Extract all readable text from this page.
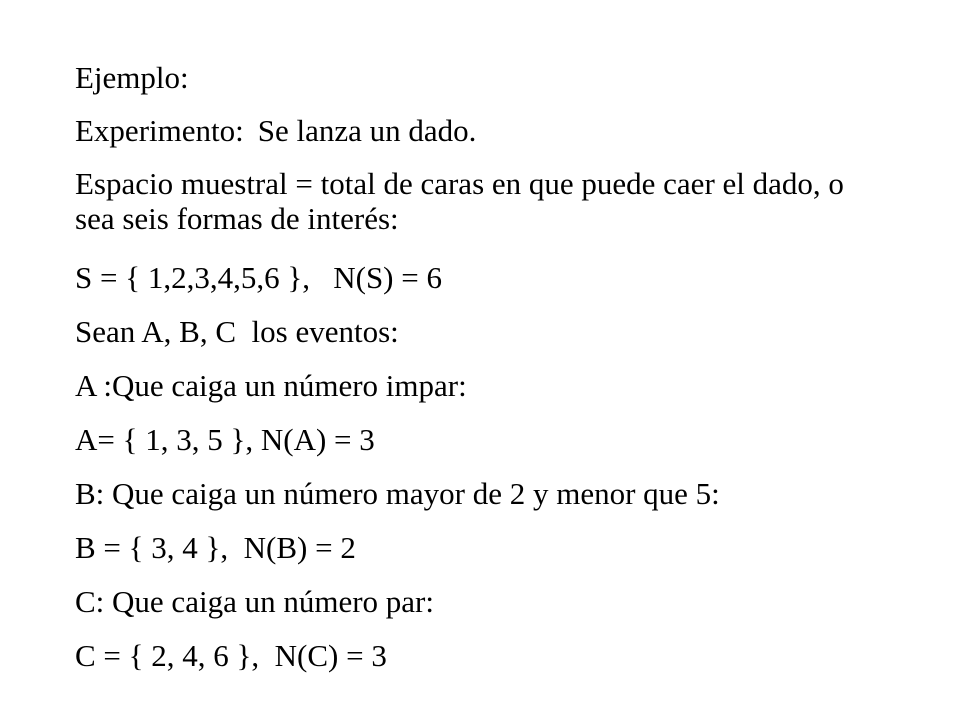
Ejemplo:

Experimento: Se lanza un dado.

Espacio muestral = total de caras en que puede caer el dado, o sea seis formas de interés:

S = { 1,2,3,4,5,6 },   N(S) = 6

Sean A, B, C  los eventos:

A :Que caiga un número impar:

A= { 1, 3, 5 }, N(A) = 3

B: Que caiga un número mayor de 2 y menor que 5:

B = { 3, 4 },  N(B) = 2

C: Que caiga un número par:

C = { 2, 4, 6 },  N(C) = 3
